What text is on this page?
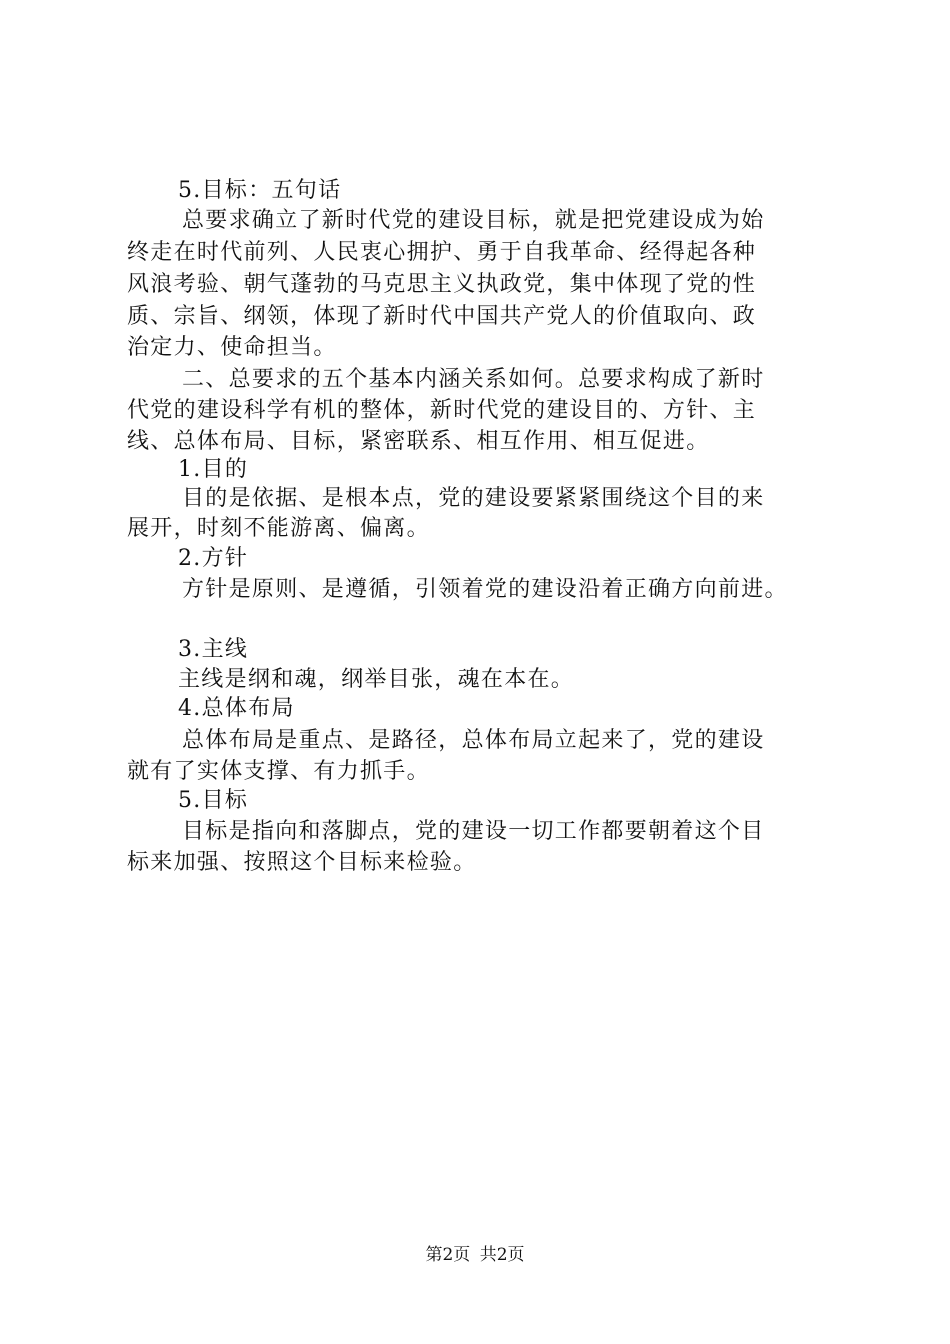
5.目标：五句话

总要求确立了新时代党的建设目标，就是把党建设成为始

终走在时代前列、人民衷心拥护、勇于自我革命、经得起各种

风浪考验、朝气蓬勃的马克思主义执政党，集中体现了党的性

质、宗旨、纲领，体现了新时代中国共产党人的价值取向、政

治定力、使命担当。

二、总要求的五个基本内涵关系如何。总要求构成了新时

代党的建设科学有机的整体，新时代党的建设目的、方针、主

线、总体布局、目标，紧密联系、相互作用、相互促进。

1.目的

目的是依据、是根本点，党的建设要紧紧围绕这个目的来

展开，时刻不能游离、偏离。

2.方针

方针是原则、是遵循，引领着党的建设沿着正确方向前进。

3.主线

主线是纲和魂，纲举目张，魂在本在。

4.总体布局

总体布局是重点、是路径，总体布局立起来了，党的建设

就有了实体支撑、有力抓手。

5.目标

目标是指向和落脚点，党的建设一切工作都要朝着这个目

标来加强、按照这个目标来检验。

第2页 共2页
